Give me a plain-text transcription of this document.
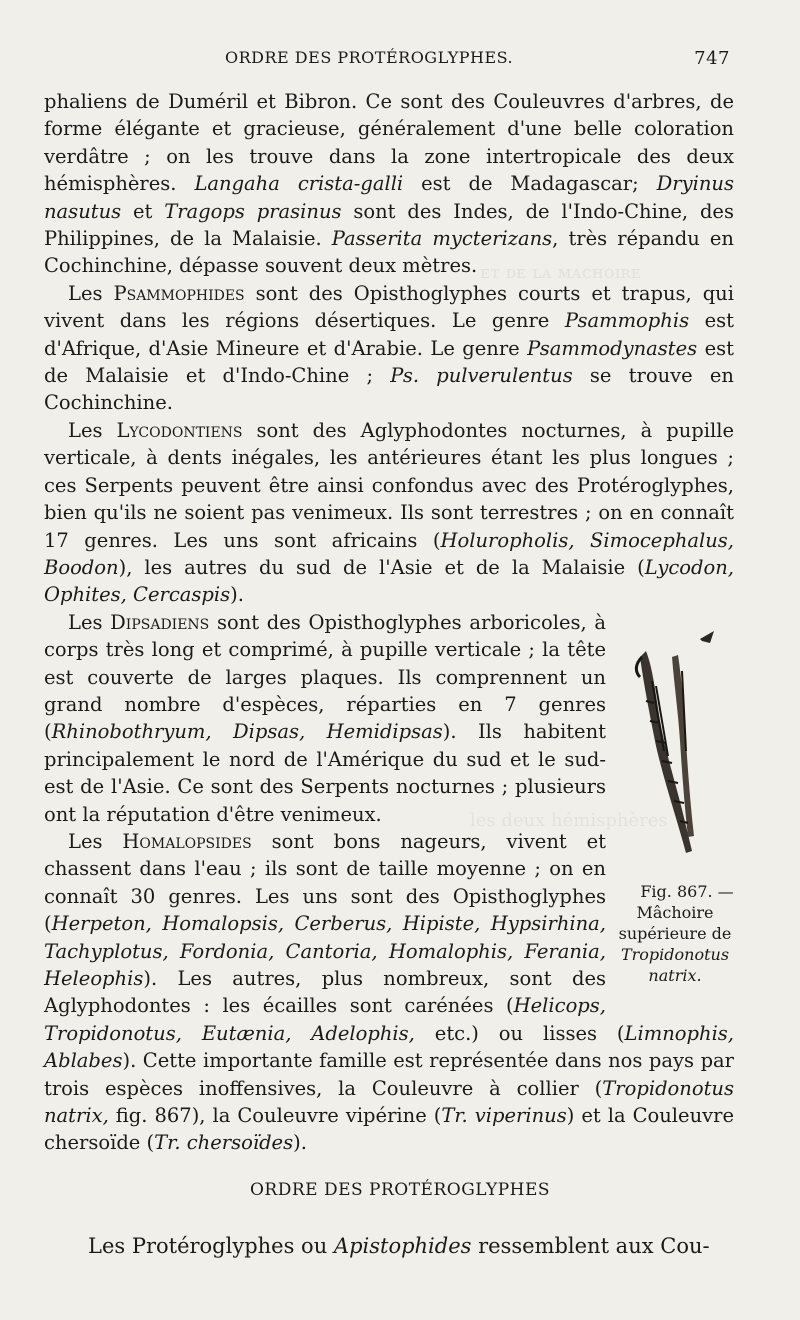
ᴇᴛ ᴅᴇ ʟᴀ ᴍᴀᴄʜᴏɪʀᴇ
les deux hémisphères
ORDRE DES PROTÉROGLYPHES.	747

phaliens de Duméril et Bibron. Ce sont des Couleuvres d'arbres, de forme élégante et gracieuse, généralement d'une belle coloration verdâtre ; on les trouve dans la zone intertropicale des deux hémisphères. Langaha crista-galli est de Madagascar; Dryinus nasutus et Tragops prasinus sont des Indes, de l'Indo-Chine, des Philippines, de la Malaisie. Passerita mycterizans, très répandu en Cochinchine, dépasse souvent deux mètres.

Les Psammophides sont des Opisthoglyphes courts et trapus, qui vivent dans les régions désertiques. Le genre Psammophis est d'Afrique, d'Asie Mineure et d'Arabie. Le genre Psammodynastes est de Malaisie et d'Indo-Chine ; Ps. pulverulentus se trouve en Cochinchine.

Les Lycodontiens sont des Aglyphodontes nocturnes, à pupille verticale, à dents inégales, les antérieures étant les plus longues ; ces Serpents peuvent être ainsi confondus avec des Protéroglyphes, bien qu'ils ne soient pas venimeux. Ils sont terrestres ; on en connaît 17 genres. Les uns sont africains (Holuropholis, Simocephalus, Boodon), les autres du sud de l'Asie et de la Malaisie (Lycodon, Ophites, Cercaspis).

Fig. 867. —
Mâchoire supérieure de Tropidonotus natrix.
Les Dipsadiens sont des Opisthoglyphes arboricoles, à corps très long et comprimé, à pupille verticale ; la tête est couverte de larges plaques. Ils comprennent un grand nombre d'espèces, réparties en 7 genres (Rhinobothryum, Dipsas, Hemidipsas). Ils habitent principalement le nord de l'Amérique du sud et le sud-est de l'Asie. Ce sont des Serpents nocturnes ; plusieurs ont la réputation d'être venimeux.

Les Homalopsides sont bons nageurs, vivent et chassent dans l'eau ; ils sont de taille moyenne ; on en connaît 30 genres. Les uns sont des Opisthoglyphes (Herpeton, Homalopsis, Cerberus, Hipiste, Hypsirhina, Tachyplotus, Fordonia, Cantoria, Homalophis, Ferania, Heleophis). Les autres, plus nombreux, sont des Aglyphodontes : les écailles sont carénées (Helicops, Tropidonotus, Eutænia, Adelophis, etc.) ou lisses (Limnophis, Ablabes). Cette importante famille est représentée dans nos pays par trois espèces inoffensives, la Couleuvre à collier (Tropidonotus natrix, fig. 867), la Couleuvre vipérine (Tr. viperinus) et la Couleuvre chersoïde (Tr. chersoïdes).

ORDRE DES PROTÉROGLYPHES
Les Protéroglyphes ou Apistophides ressemblent aux Cou-
